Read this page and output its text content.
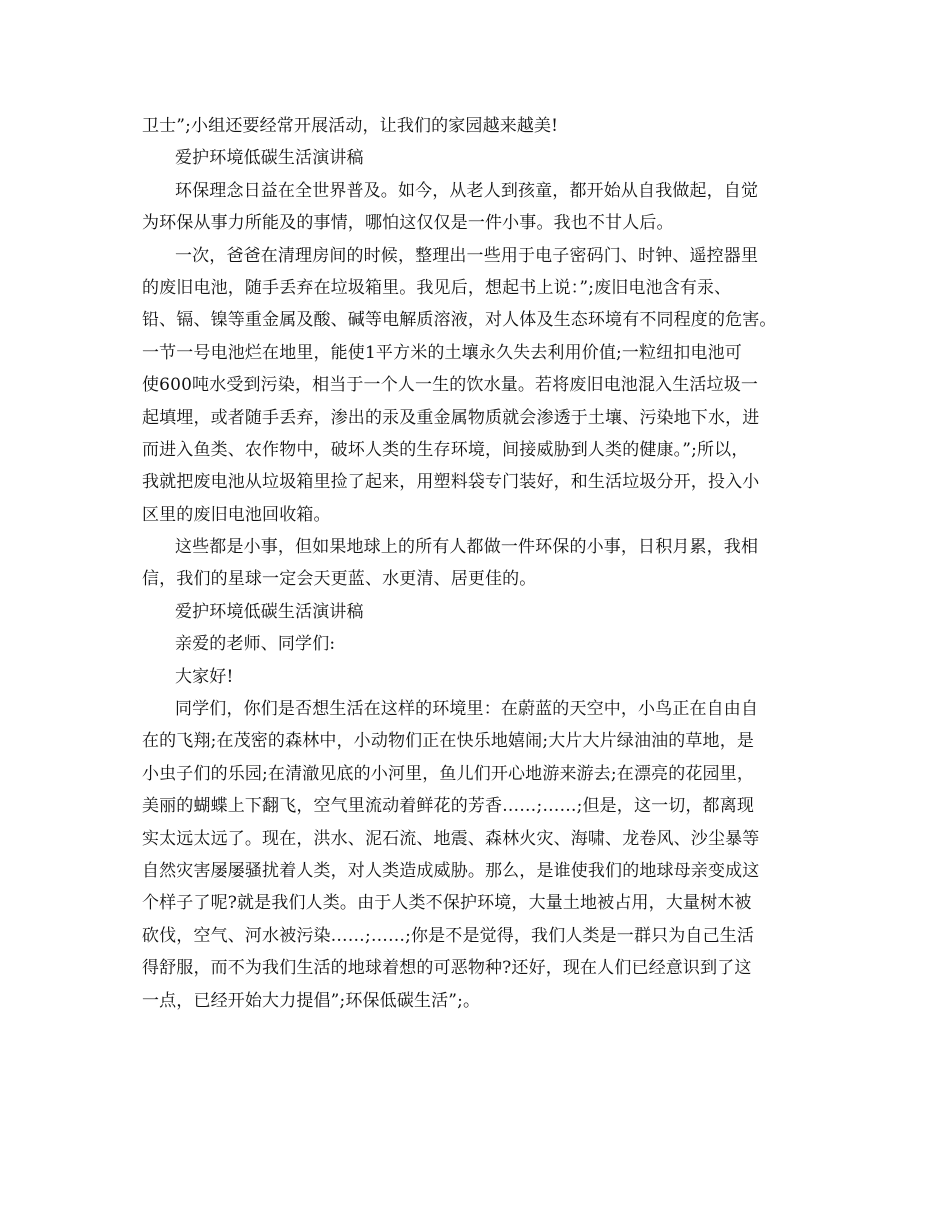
卫士”;小组还要经常开展活动，让我们的家园越来越美!
爱护环境低碳生活演讲稿
环保理念日益在全世界普及。如今，从老人到孩童，都开始从自我做起，自觉
为环保从事力所能及的事情，哪怕这仅仅是一件小事。我也不甘人后。
一次，爸爸在清理房间的时候，整理出一些用于电子密码门、时钟、遥控器里
的废旧电池，随手丢弃在垃圾箱里。我见后，想起书上说：”;废旧电池含有汞、
铅、镉、镍等重金属及酸、碱等电解质溶液，对人体及生态环境有不同程度的危害。
一节一号电池烂在地里，能使1平方米的土壤永久失去利用价值;一粒纽扣电池可
使600吨水受到污染，相当于一个人一生的饮水量。若将废旧电池混入生活垃圾一
起填埋，或者随手丢弃，渗出的汞及重金属物质就会渗透于土壤、污染地下水，进
而进入鱼类、农作物中，破坏人类的生存环境，间接威胁到人类的健康。”;所以，
我就把废电池从垃圾箱里捡了起来，用塑料袋专门装好，和生活垃圾分开，投入小
区里的废旧电池回收箱。
这些都是小事，但如果地球上的所有人都做一件环保的小事，日积月累，我相
信，我们的星球一定会天更蓝、水更清、居更佳的。
爱护环境低碳生活演讲稿
亲爱的老师、同学们:
大家好!
同学们，你们是否想生活在这样的环境里：在蔚蓝的天空中，小鸟正在自由自
在的飞翔;在茂密的森林中，小动物们正在快乐地嬉闹;大片大片绿油油的草地，是
小虫子们的乐园;在清澈见底的小河里，鱼儿们开心地游来游去;在漂亮的花园里，
美丽的蝴蝶上下翻飞，空气里流动着鲜花的芳香……;……;但是，这一切，都离现
实太远太远了。现在，洪水、泥石流、地震、森林火灾、海啸、龙卷风、沙尘暴等
自然灾害屡屡骚扰着人类，对人类造成威胁。那么，是谁使我们的地球母亲变成这
个样子了呢?就是我们人类。由于人类不保护环境，大量土地被占用，大量树木被
砍伐，空气、河水被污染……;……;你是不是觉得，我们人类是一群只为自己生活
得舒服，而不为我们生活的地球着想的可恶物种?还好，现在人们已经意识到了这
一点，已经开始大力提倡”;环保低碳生活”;。
